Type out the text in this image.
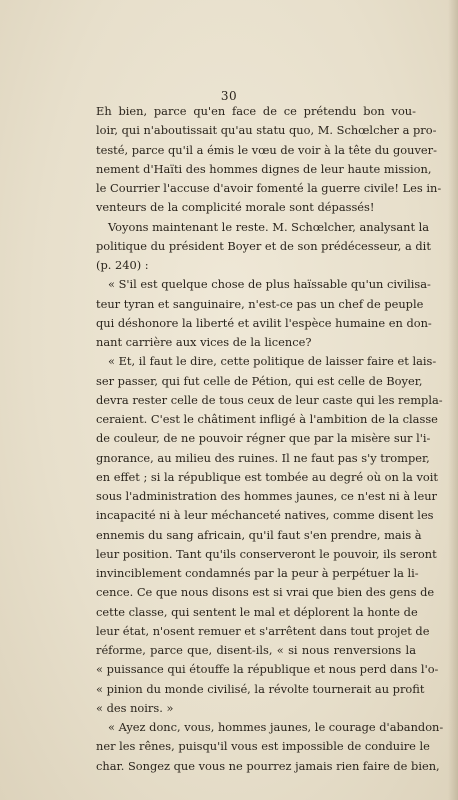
30
Eh bien, parce qu'en face de ce prétendu bon vou-
loir, qui n'aboutissait qu'au statu quo, M. Schœlcher a pro-
testé, parce qu'il a émis le vœu de voir à la tête du gouver-
nement d'Haïti des hommes dignes de leur haute mission,
le Courrier l'accuse d'avoir fomenté la guerre civile! Les in-
venteurs de la complicité morale sont dépassés!
Voyons maintenant le reste. M. Schœlcher, analysant la
politique du président Boyer et de son prédécesseur, a dit
(p. 240) :
« S'il est quelque chose de plus haïssable qu'un civilisa-
teur tyran et sanguinaire, n'est-ce pas un chef de peuple
qui déshonore la liberté et avilit l'espèce humaine en don-
nant carrière aux vices de la licence?
« Et, il faut le dire, cette politique de laisser faire et lais-
ser passer, qui fut celle de Pétion, qui est celle de Boyer,
devra rester celle de tous ceux de leur caste qui les rempla-
ceraient. C'est le châtiment infligé à l'ambition de la classe
de couleur, de ne pouvoir régner que par la misère sur l'i-
gnorance, au milieu des ruines. Il ne faut pas s'y tromper,
en effet ; si la république est tombée au degré où on la voit
sous l'administration des hommes jaunes, ce n'est ni à leur
incapacité ni à leur méchanceté natives, comme disent les
ennemis du sang africain, qu'il faut s'en prendre, mais à
leur position. Tant qu'ils conserveront le pouvoir, ils seront
invinciblement condamnés par la peur à perpétuer la li-
cence. Ce que nous disons est si vrai que bien des gens de
cette classe, qui sentent le mal et déplorent la honte de
leur état, n'osent remuer et s'arrêtent dans tout projet de
réforme, parce que, disent-ils, « si nous renversions la
« puissance qui étouffe la république et nous perd dans l'o-
« pinion du monde civilisé, la révolte tournerait au profit
« des noirs. »
« Ayez donc, vous, hommes jaunes, le courage d'abandon-
ner les rênes, puisqu'il vous est impossible de conduire le
char. Songez que vous ne pourrez jamais rien faire de bien,
